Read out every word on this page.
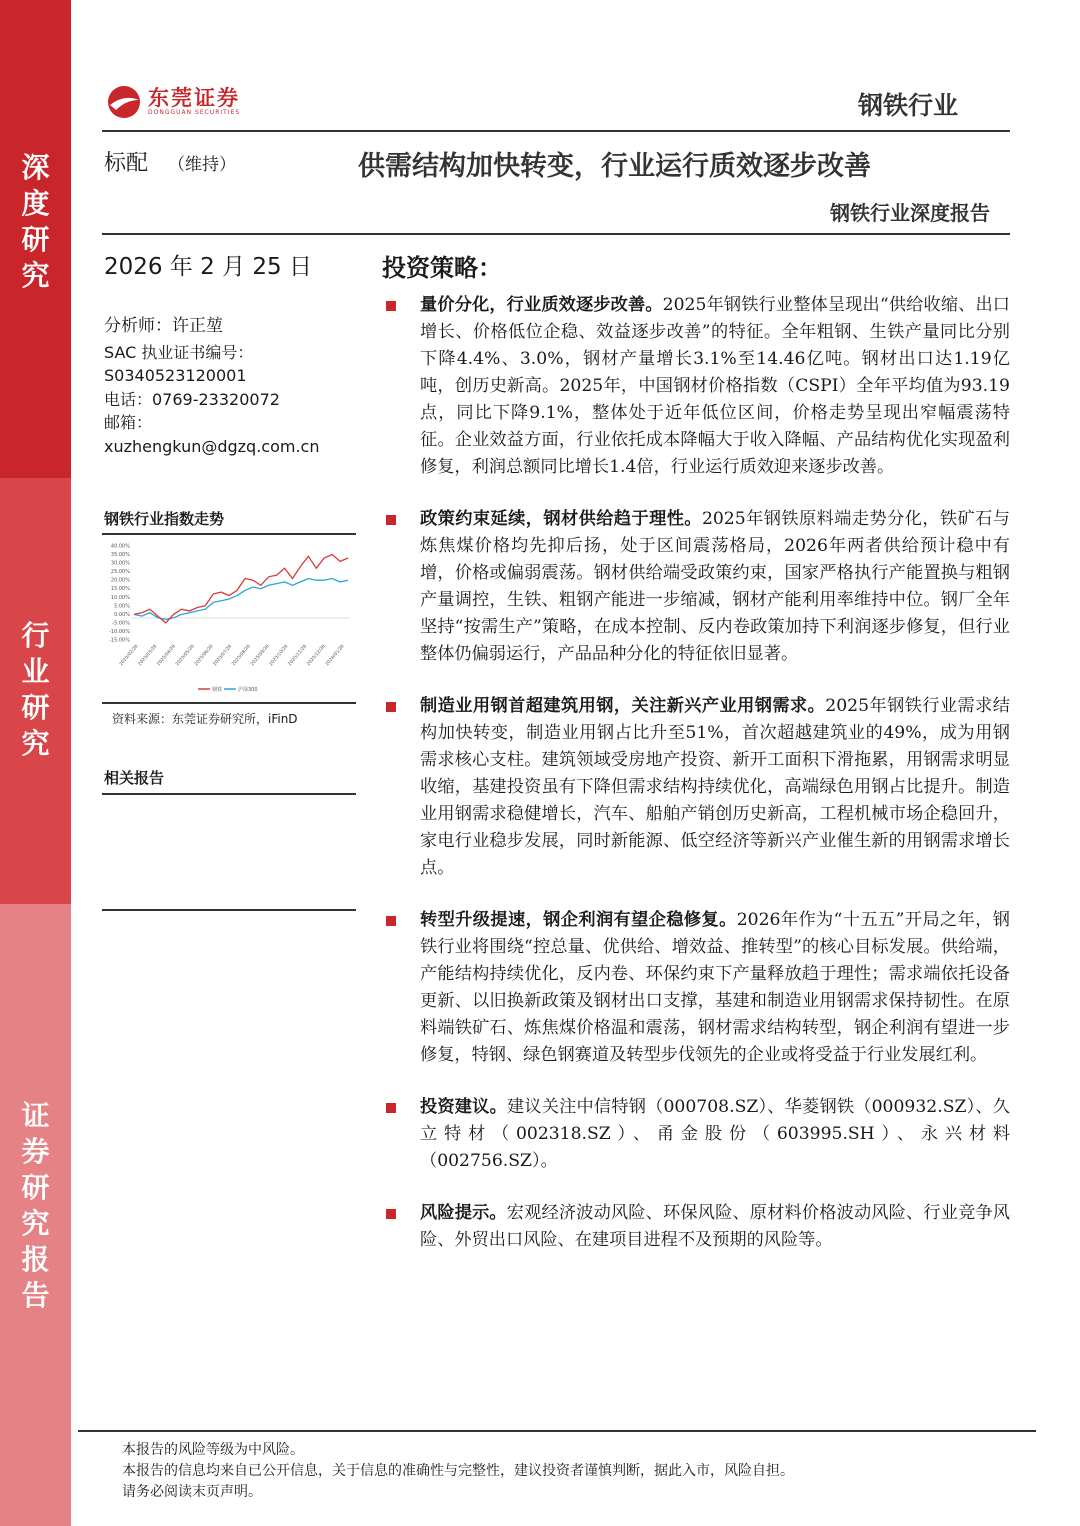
深度研究
行业研究
证券研究报告
东莞证券
DONGGUAN SECURITIES	钢铁行业
标配 （维持）	供需结构加快转变，行业运行质效逐步改善
钢铁行业深度报告
2026 年 2 月 25 日	投资策略：
分析师：许正堃
SAC 执业证书编号：
S0340523120001
电话：0769-23320072
邮箱：
xuzhengkun@dgzq.com.cn
钢铁行业指数走势
40.00%
35.00%
30.00%
25.00%
20.00%
15.00%
10.00%
5.00%
0.00%
-5.00%
-10.00%
-15.00%
2025/02/26
2025/03/26
2025/04/26
2025/05/26
2025/06/26
2025/07/26
2025/08/26
2025/09/26
2025/10/26
2025/11/26
2025/12/26
2026/01/26
钢铁	沪深300
资料来源：东莞证券研究所，iFinD
相关报告
量价分化，行业质效逐步改善。2025年钢铁行业整体呈现出“供给收缩、出口增长、价格低位企稳、效益逐步改善”的特征。全年粗钢、生铁产量同比分别下降4.4%、3.0%，钢材产量增长3.1%至14.46亿吨。钢材出口达1.19亿吨，创历史新高。2025年，中国钢材价格指数（CSPI）全年平均值为93.19点，同比下降9.1%，整体处于近年低位区间，价格走势呈现出窄幅震荡特征。企业效益方面，行业依托成本降幅大于收入降幅、产品结构优化实现盈利修复，利润总额同比增长1.4倍，行业运行质效迎来逐步改善。
政策约束延续，钢材供给趋于理性。2025年钢铁原料端走势分化，铁矿石与炼焦煤价格均先抑后扬，处于区间震荡格局，2026年两者供给预计稳中有增，价格或偏弱震荡。钢材供给端受政策约束，国家严格执行产能置换与粗钢产量调控，生铁、粗钢产能进一步缩减，钢材产能利用率维持中位。钢厂全年坚持“按需生产”策略，在成本控制、反内卷政策加持下利润逐步修复，但行业整体仍偏弱运行，产品品种分化的特征依旧显著。
制造业用钢首超建筑用钢，关注新兴产业用钢需求。2025年钢铁行业需求结构加快转变，制造业用钢占比升至51%，首次超越建筑业的49%，成为用钢需求核心支柱。建筑领域受房地产投资、新开工面积下滑拖累，用钢需求明显收缩，基建投资虽有下降但需求结构持续优化，高端绿色用钢占比提升。制造业用钢需求稳健增长，汽车、船舶产销创历史新高，工程机械市场企稳回升，家电行业稳步发展，同时新能源、低空经济等新兴产业催生新的用钢需求增长点。
转型升级提速，钢企利润有望企稳修复。2026年作为“十五五”开局之年，钢铁行业将围绕“控总量、优供给、增效益、推转型”的核心目标发展。供给端，产能结构持续优化，反内卷、环保约束下产量释放趋于理性；需求端依托设备更新、以旧换新政策及钢材出口支撑，基建和制造业用钢需求保持韧性。在原料端铁矿石、炼焦煤价格温和震荡，钢材需求结构转型，钢企利润有望进一步修复，特钢、绿色钢赛道及转型步伐领先的企业或将受益于行业发展红利。
投资建议。建议关注中信特钢（000708.SZ）、华菱钢铁（000932.SZ）、久立特材（002318.SZ）、甬金股份（603995.SH）、永兴材料（002756.SZ）。
风险提示。宏观经济波动风险、环保风险、原材料价格波动风险、行业竞争风险、外贸出口风险、在建项目进程不及预期的风险等。
本报告的风险等级为中风险。
本报告的信息均来自已公开信息，关于信息的准确性与完整性，建议投资者谨慎判断，据此入市，风险自担。
请务必阅读末页声明。
